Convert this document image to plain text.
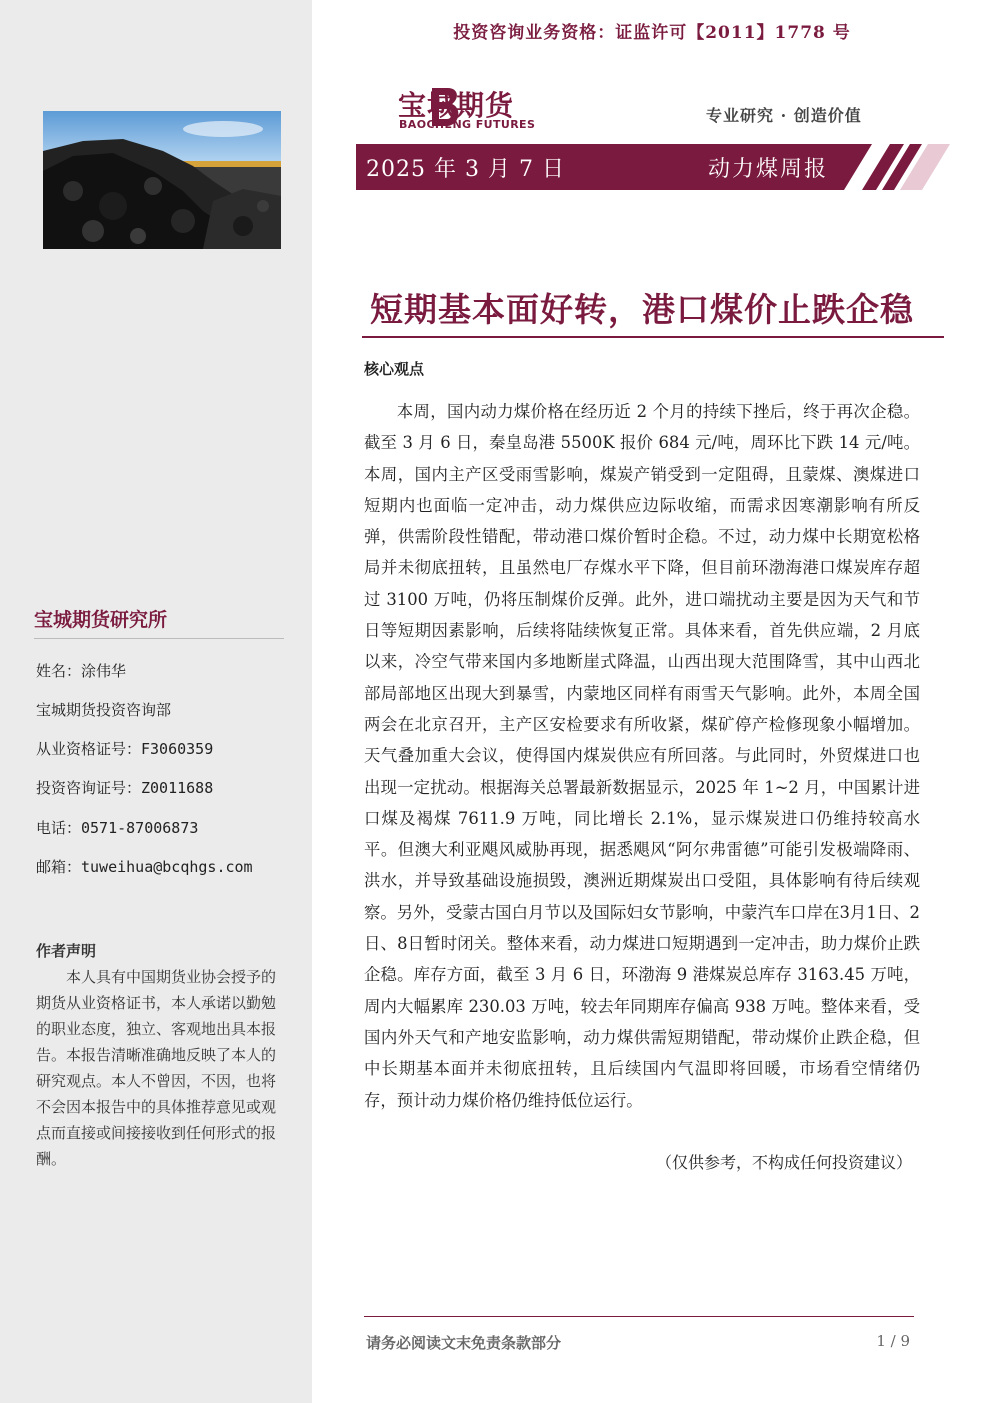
投资咨询业务资格：证监许可【2011】1778 号
宝城期货
BAOCHENG FUTURES	专业研究 · 创造价值
2025 年 3 月 7 日	动力煤周报
短期基本面好转，港口煤价止跌企稳
核心观点

本周，国内动力煤价格在经历近 2 个月的持续下挫后，终于再次企稳。截至 3 月 6 日，秦皇岛港 5500K 报价 684 元/吨，周环比下跌 14 元/吨。本周，国内主产区受雨雪影响，煤炭产销受到一定阻碍，且蒙煤、澳煤进口短期内也面临一定冲击，动力煤供应边际收缩，而需求因寒潮影响有所反弹，供需阶段性错配，带动港口煤价暂时企稳。不过，动力煤中长期宽松格局并未彻底扭转，且虽然电厂存煤水平下降，但目前环渤海港口煤炭库存超过 3100 万吨，仍将压制煤价反弹。此外，进口端扰动主要是因为天气和节日等短期因素影响，后续将陆续恢复正常。具体来看，首先供应端，2 月底以来，冷空气带来国内多地断崖式降温，山西出现大范围降雪，其中山西北部局部地区出现大到暴雪，内蒙地区同样有雨雪天气影响。此外，本周全国两会在北京召开，主产区安检要求有所收紧，煤矿停产检修现象小幅增加。天气叠加重大会议，使得国内煤炭供应有所回落。与此同时，外贸煤进口也出现一定扰动。根据海关总署最新数据显示，2025 年 1~2 月，中国累计进口煤及褐煤 7611.9 万吨，同比增长 2.1%，显示煤炭进口仍维持较高水平。但澳大利亚飓风威胁再现，据悉飓风“阿尔弗雷德”可能引发极端降雨、洪水，并导致基础设施损毁，澳洲近期煤炭出口受阻，具体影响有待后续观察。另外，受蒙古国白月节以及国际妇女节影响，中蒙汽车口岸在3月1日、2日、8日暂时闭关。整体来看，动力煤进口短期遇到一定冲击，助力煤价止跌企稳。库存方面，截至 3 月 6 日，环渤海 9 港煤炭总库存 3163.45 万吨，周内大幅累库 230.03 万吨，较去年同期库存偏高 938 万吨。整体来看，受国内外天气和产地安监影响，动力煤供需短期错配，带动煤价止跌企稳，但中长期基本面并未彻底扭转，且后续国内气温即将回暖，市场看空情绪仍存，预计动力煤价格仍维持低位运行。

（仅供参考，不构成任何投资建议）
请务必阅读文末免责条款部分	1 / 9
宝城期货研究所
姓名：涂伟华
宝城期货投资咨询部
从业资格证号：F3060359
投资咨询证号：Z0011688
电话：0571-87006873
邮箱：tuweihua@bcqhgs.com
作者声明

本人具有中国期货业协会授予的期货从业资格证书，本人承诺以勤勉的职业态度，独立、客观地出具本报告。本报告清晰准确地反映了本人的研究观点。本人不曾因，不因，也将不会因本报告中的具体推荐意见或观点而直接或间接接收到任何形式的报酬。
